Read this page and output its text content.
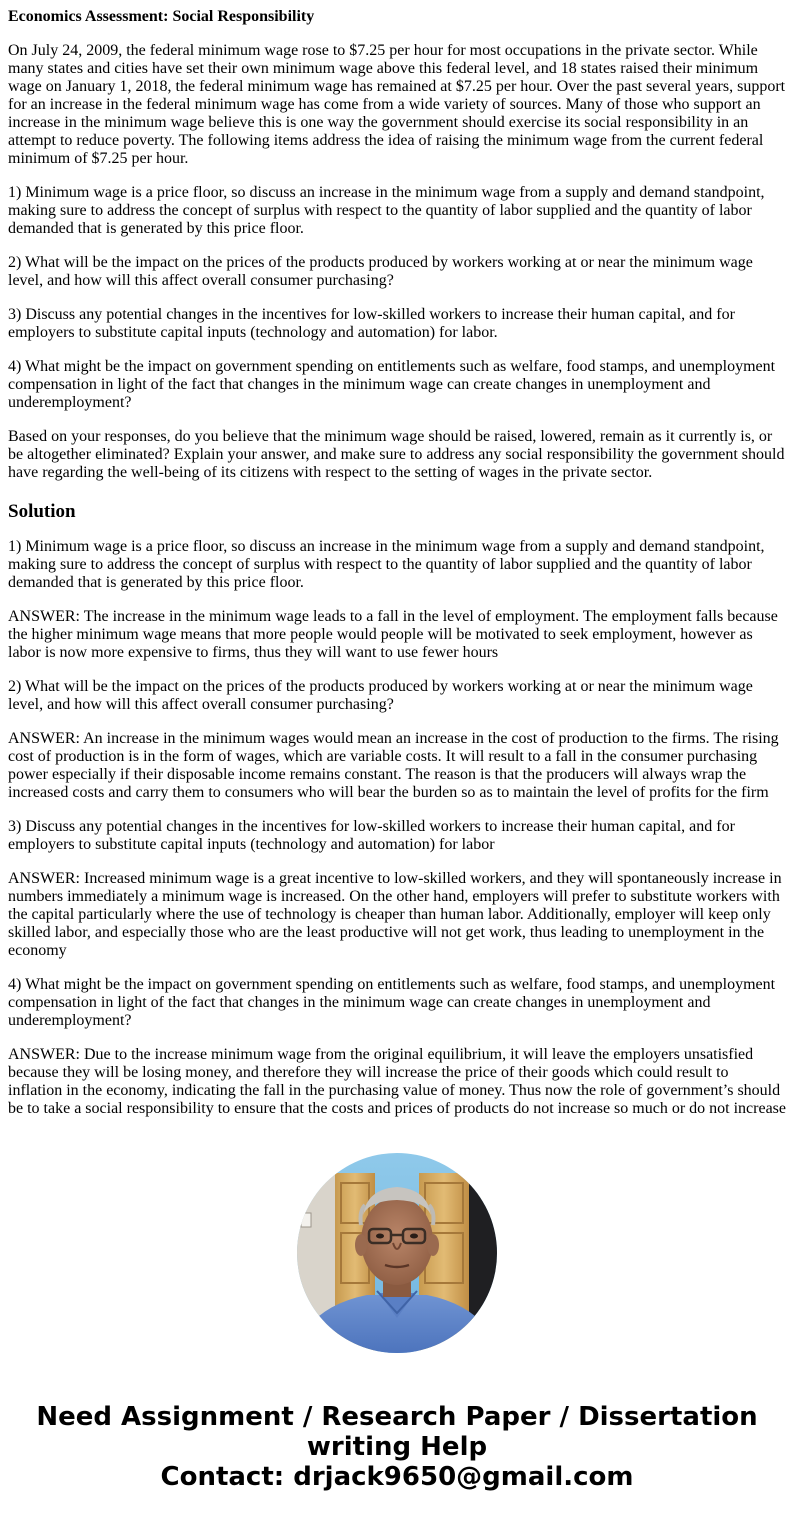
Economics Assessment: Social Responsibility

On July 24, 2009, the federal minimum wage rose to $7.25 per hour for most occupations in the private sector. While many states and cities have set their own minimum wage above this federal level, and 18 states raised their minimum wage on January 1, 2018, the federal minimum wage has remained at $7.25 per hour. Over the past several years, support for an increase in the federal minimum wage has come from a wide variety of sources. Many of those who support an increase in the minimum wage believe this is one way the government should exercise its social responsibility in an attempt to reduce poverty. The following items address the idea of raising the minimum wage from the current federal minimum of $7.25 per hour.

1) Minimum wage is a price floor, so discuss an increase in the minimum wage from a supply and demand standpoint, making sure to address the concept of surplus with respect to the quantity of labor supplied and the quantity of labor demanded that is generated by this price floor.

2) What will be the impact on the prices of the products produced by workers working at or near the minimum wage level, and how will this affect overall consumer purchasing?

3) Discuss any potential changes in the incentives for low-skilled workers to increase their human capital, and for employers to substitute capital inputs (technology and automation) for labor.

4) What might be the impact on government spending on entitlements such as welfare, food stamps, and unemployment compensation in light of the fact that changes in the minimum wage can create changes in unemployment and underemployment?

Based on your responses, do you believe that the minimum wage should be raised, lowered, remain as it currently is, or be altogether eliminated? Explain your answer, and make sure to address any social responsibility the government should have regarding the well-being of its citizens with respect to the setting of wages in the private sector.

Solution

1) Minimum wage is a price floor, so discuss an increase in the minimum wage from a supply and demand standpoint, making sure to address the concept of surplus with respect to the quantity of labor supplied and the quantity of labor demanded that is generated by this price floor.

ANSWER: The increase in the minimum wage leads to a fall in the level of employment. The employment falls because the higher minimum wage means that more people would people will be motivated to seek employment, however as labor is now more expensive to firms, thus they will want to use fewer hours

2) What will be the impact on the prices of the products produced by workers working at or near the minimum wage level, and how will this affect overall consumer purchasing?

ANSWER: An increase in the minimum wages would mean an increase in the cost of production to the firms. The rising cost of production is in the form of wages, which are variable costs. It will result to a fall in the consumer purchasing power especially if their disposable income remains constant. The reason is that the producers will always wrap the increased costs and carry them to consumers who will bear the burden so as to maintain the level of profits for the firm

3) Discuss any potential changes in the incentives for low-skilled workers to increase their human capital, and for employers to substitute capital inputs (technology and automation) for labor

ANSWER: Increased minimum wage is a great incentive to low-skilled workers, and they will spontaneously increase in numbers immediately a minimum wage is increased. On the other hand, employers will prefer to substitute workers with the capital particularly where the use of technology is cheaper than human labor. Additionally, employer will keep only skilled labor, and especially those who are the least productive will not get work, thus leading to unemployment in the economy

4) What might be the impact on government spending on entitlements such as welfare, food stamps, and unemployment compensation in light of the fact that changes in the minimum wage can create changes in unemployment and underemployment?

ANSWER: Due to the increase minimum wage from the original equilibrium, it will leave the employers unsatisfied because they will be losing money, and therefore they will increase the price of their goods which could result to inflation in the economy, indicating the fall in the purchasing value of money. Thus now the role of government’s should be to take a social responsibility to ensure that the costs and prices of products do not increase so much or do not increase

Need Assignment / Research Paper / Dissertation
writing Help
Contact: drjack9650@gmail.com
